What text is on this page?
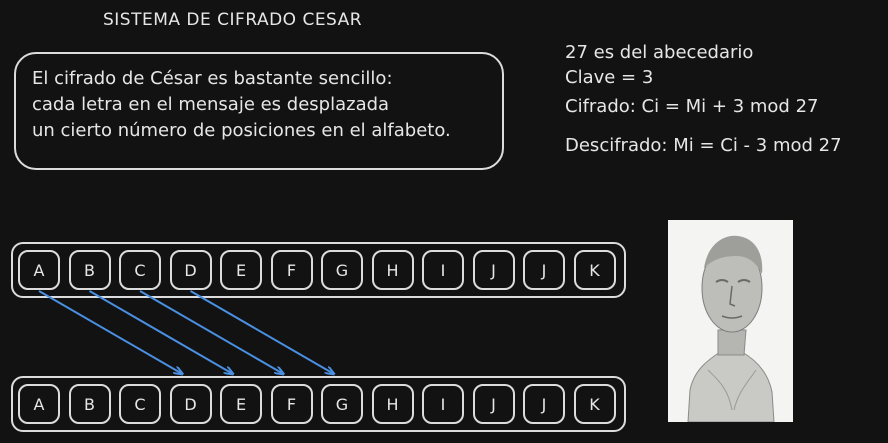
SISTEMA DE CIFRADO CESAR
El cifrado de César es bastante sencillo:
cada letra en el mensaje es desplazada
un cierto número de posiciones en el alfabeto.
27 es del abecedario
Clave = 3
Cifrado: Ci = Mi + 3 mod 27
Descifrado: Mi = Ci - 3 mod 27
A	B	C	D	E	F	G	H	I	J	J	K
A	B	C	D	E	F	G	H	I	J	J	K
